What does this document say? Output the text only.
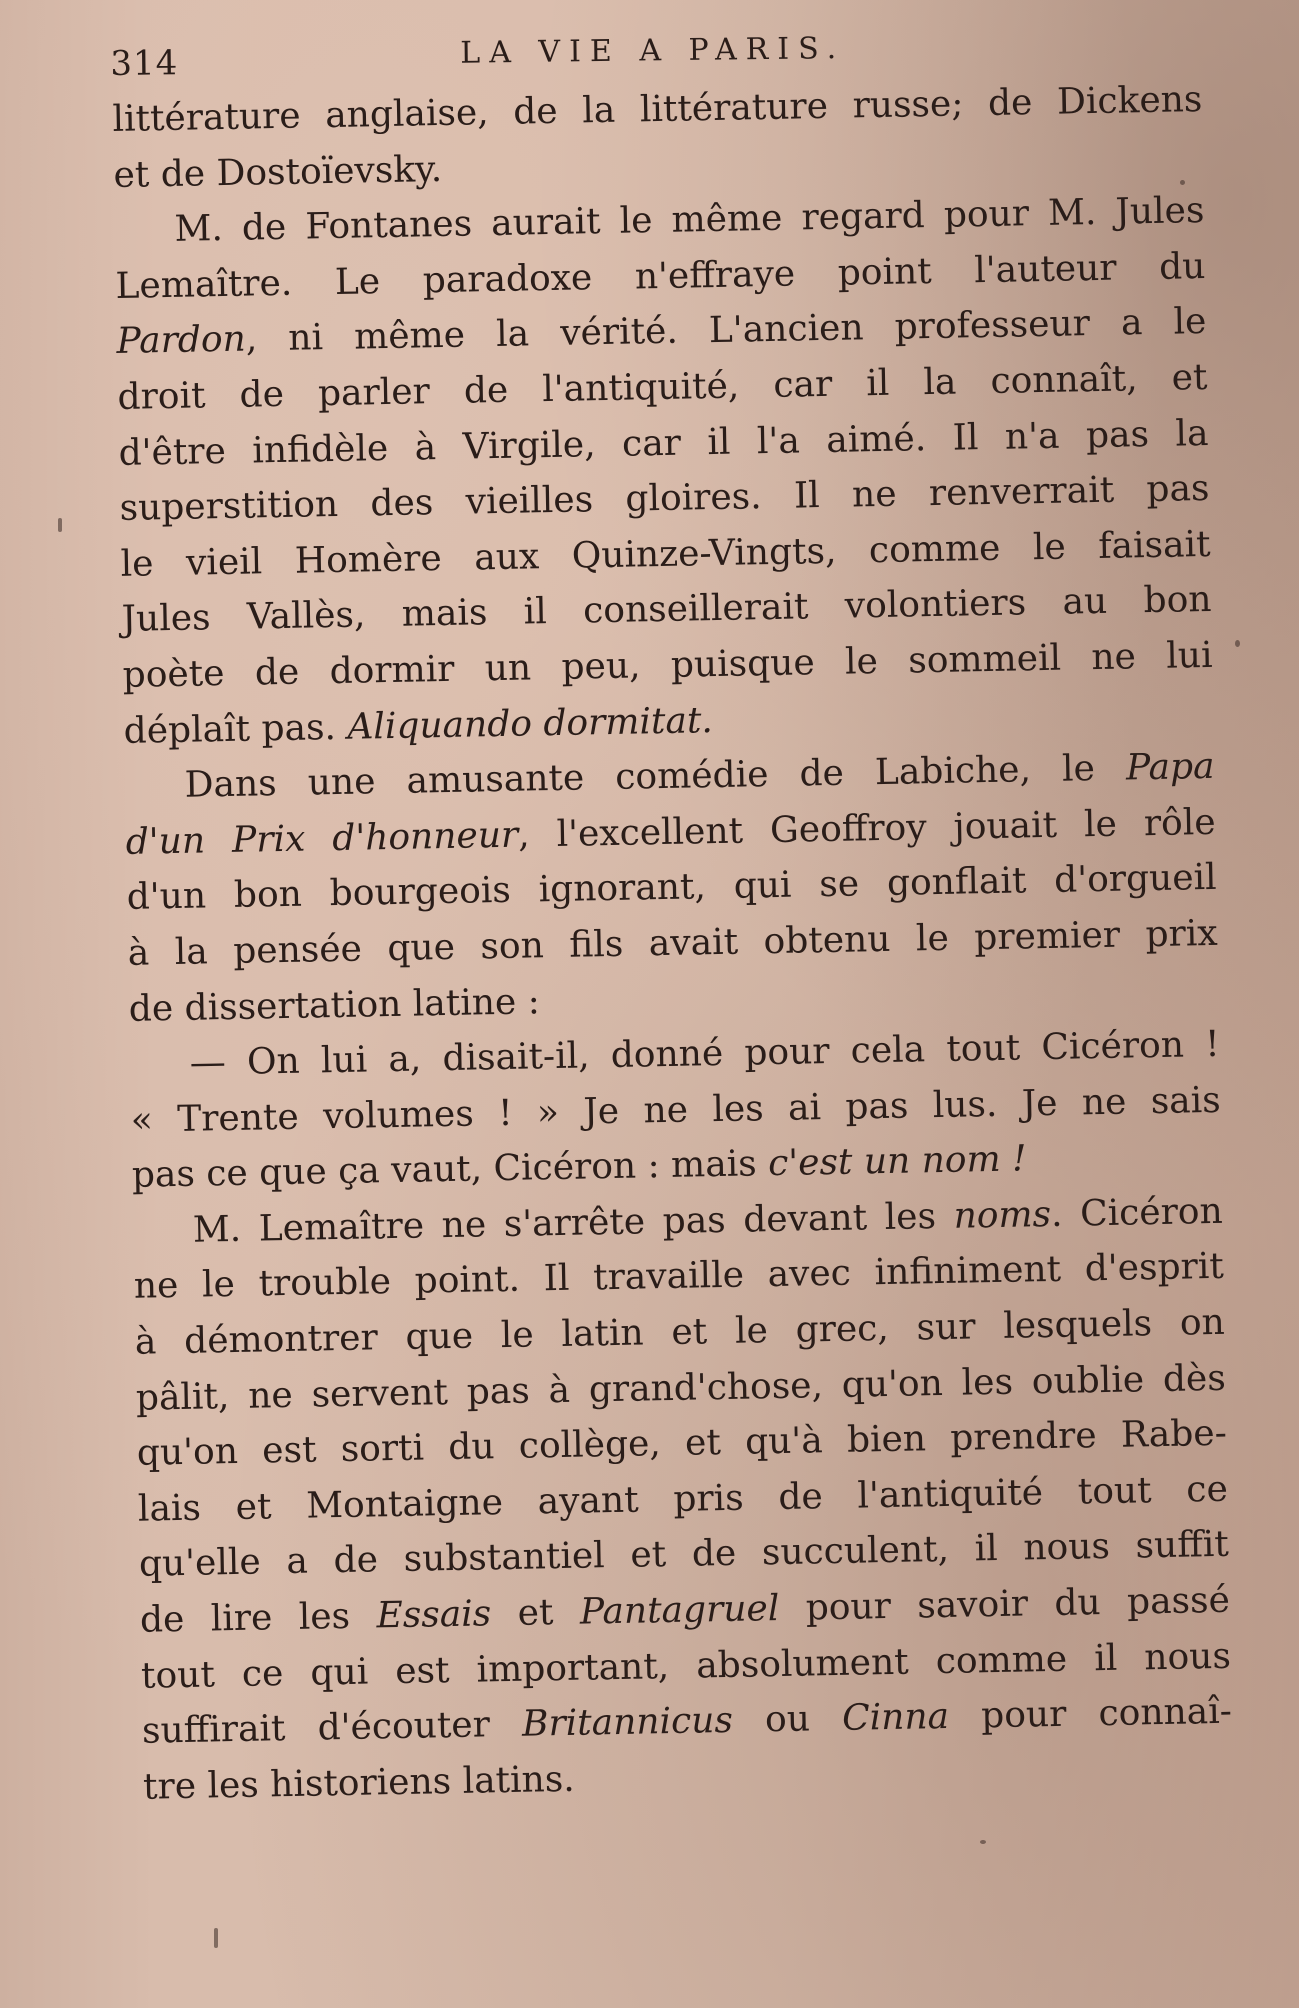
314	LA VIE A PARIS.
littérature anglaise, de la littérature russe; de Dickens
et de Dostoïevsky.
M. de Fontanes aurait le même regard pour M. Jules
Lemaître. Le paradoxe n'effraye point l'auteur du
Pardon, ni même la vérité. L'ancien professeur a le
droit de parler de l'antiquité, car il la connaît, et
d'être infidèle à Virgile, car il l'a aimé. Il n'a pas la
superstition des vieilles gloires. Il ne renverrait pas
le vieil Homère aux Quinze-Vingts, comme le faisait
Jules Vallès, mais il conseillerait volontiers au bon
poète de dormir un peu, puisque le sommeil ne lui
déplaît pas. Aliquando dormitat.
Dans une amusante comédie de Labiche, le Papa
d'un Prix d'honneur, l'excellent Geoffroy jouait le rôle
d'un bon bourgeois ignorant, qui se gonflait d'orgueil
à la pensée que son fils avait obtenu le premier prix
de dissertation latine :
— On lui a, disait-il, donné pour cela tout Cicéron !
« Trente volumes ! » Je ne les ai pas lus. Je ne sais
pas ce que ça vaut, Cicéron : mais c'est un nom !
M. Lemaître ne s'arrête pas devant les noms. Cicéron
ne le trouble point. Il travaille avec infiniment d'esprit
à démontrer que le latin et le grec, sur lesquels on
pâlit, ne servent pas à grand'chose, qu'on les oublie dès
qu'on est sorti du collège, et qu'à bien prendre Rabe-
lais et Montaigne ayant pris de l'antiquité tout ce
qu'elle a de substantiel et de succulent, il nous suffit
de lire les Essais et Pantagruel pour savoir du passé
tout ce qui est important, absolument comme il nous
suffirait d'écouter Britannicus ou Cinna pour connaî-
tre les historiens latins.
